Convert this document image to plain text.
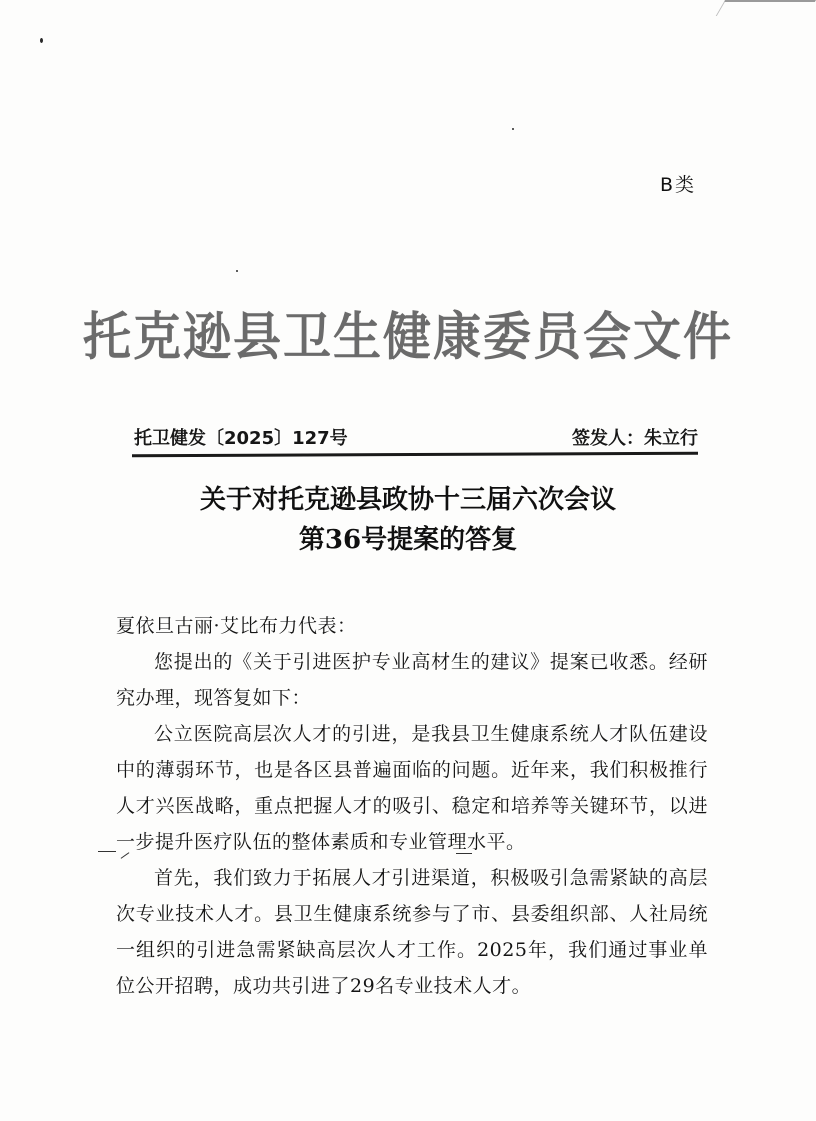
B类
托克逊县卫生健康委员会文件
托卫健发〔2025〕127号	签发人：朱立行
关于对托克逊县政协十三届六次会议
第36号提案的答复

夏依旦古丽·艾比布力代表：

您提出的《关于引进医护专业高材生的建议》提案已收悉。经研究办理，现答复如下：

公立医院高层次人才的引进，是我县卫生健康系统人才队伍建设中的薄弱环节，也是各区县普遍面临的问题。近年来，我们积极推行人才兴医战略，重点把握人才的吸引、稳定和培养等关键环节，以进一步提升医疗队伍的整体素质和专业管理水平。

首先，我们致力于拓展人才引进渠道，积极吸引急需紧缺的高层次专业技术人才。县卫生健康系统参与了市、县委组织部、人社局统一组织的引进急需紧缺高层次人才工作。2025年，我们通过事业单位公开招聘，成功共引进了29名专业技术人才。
